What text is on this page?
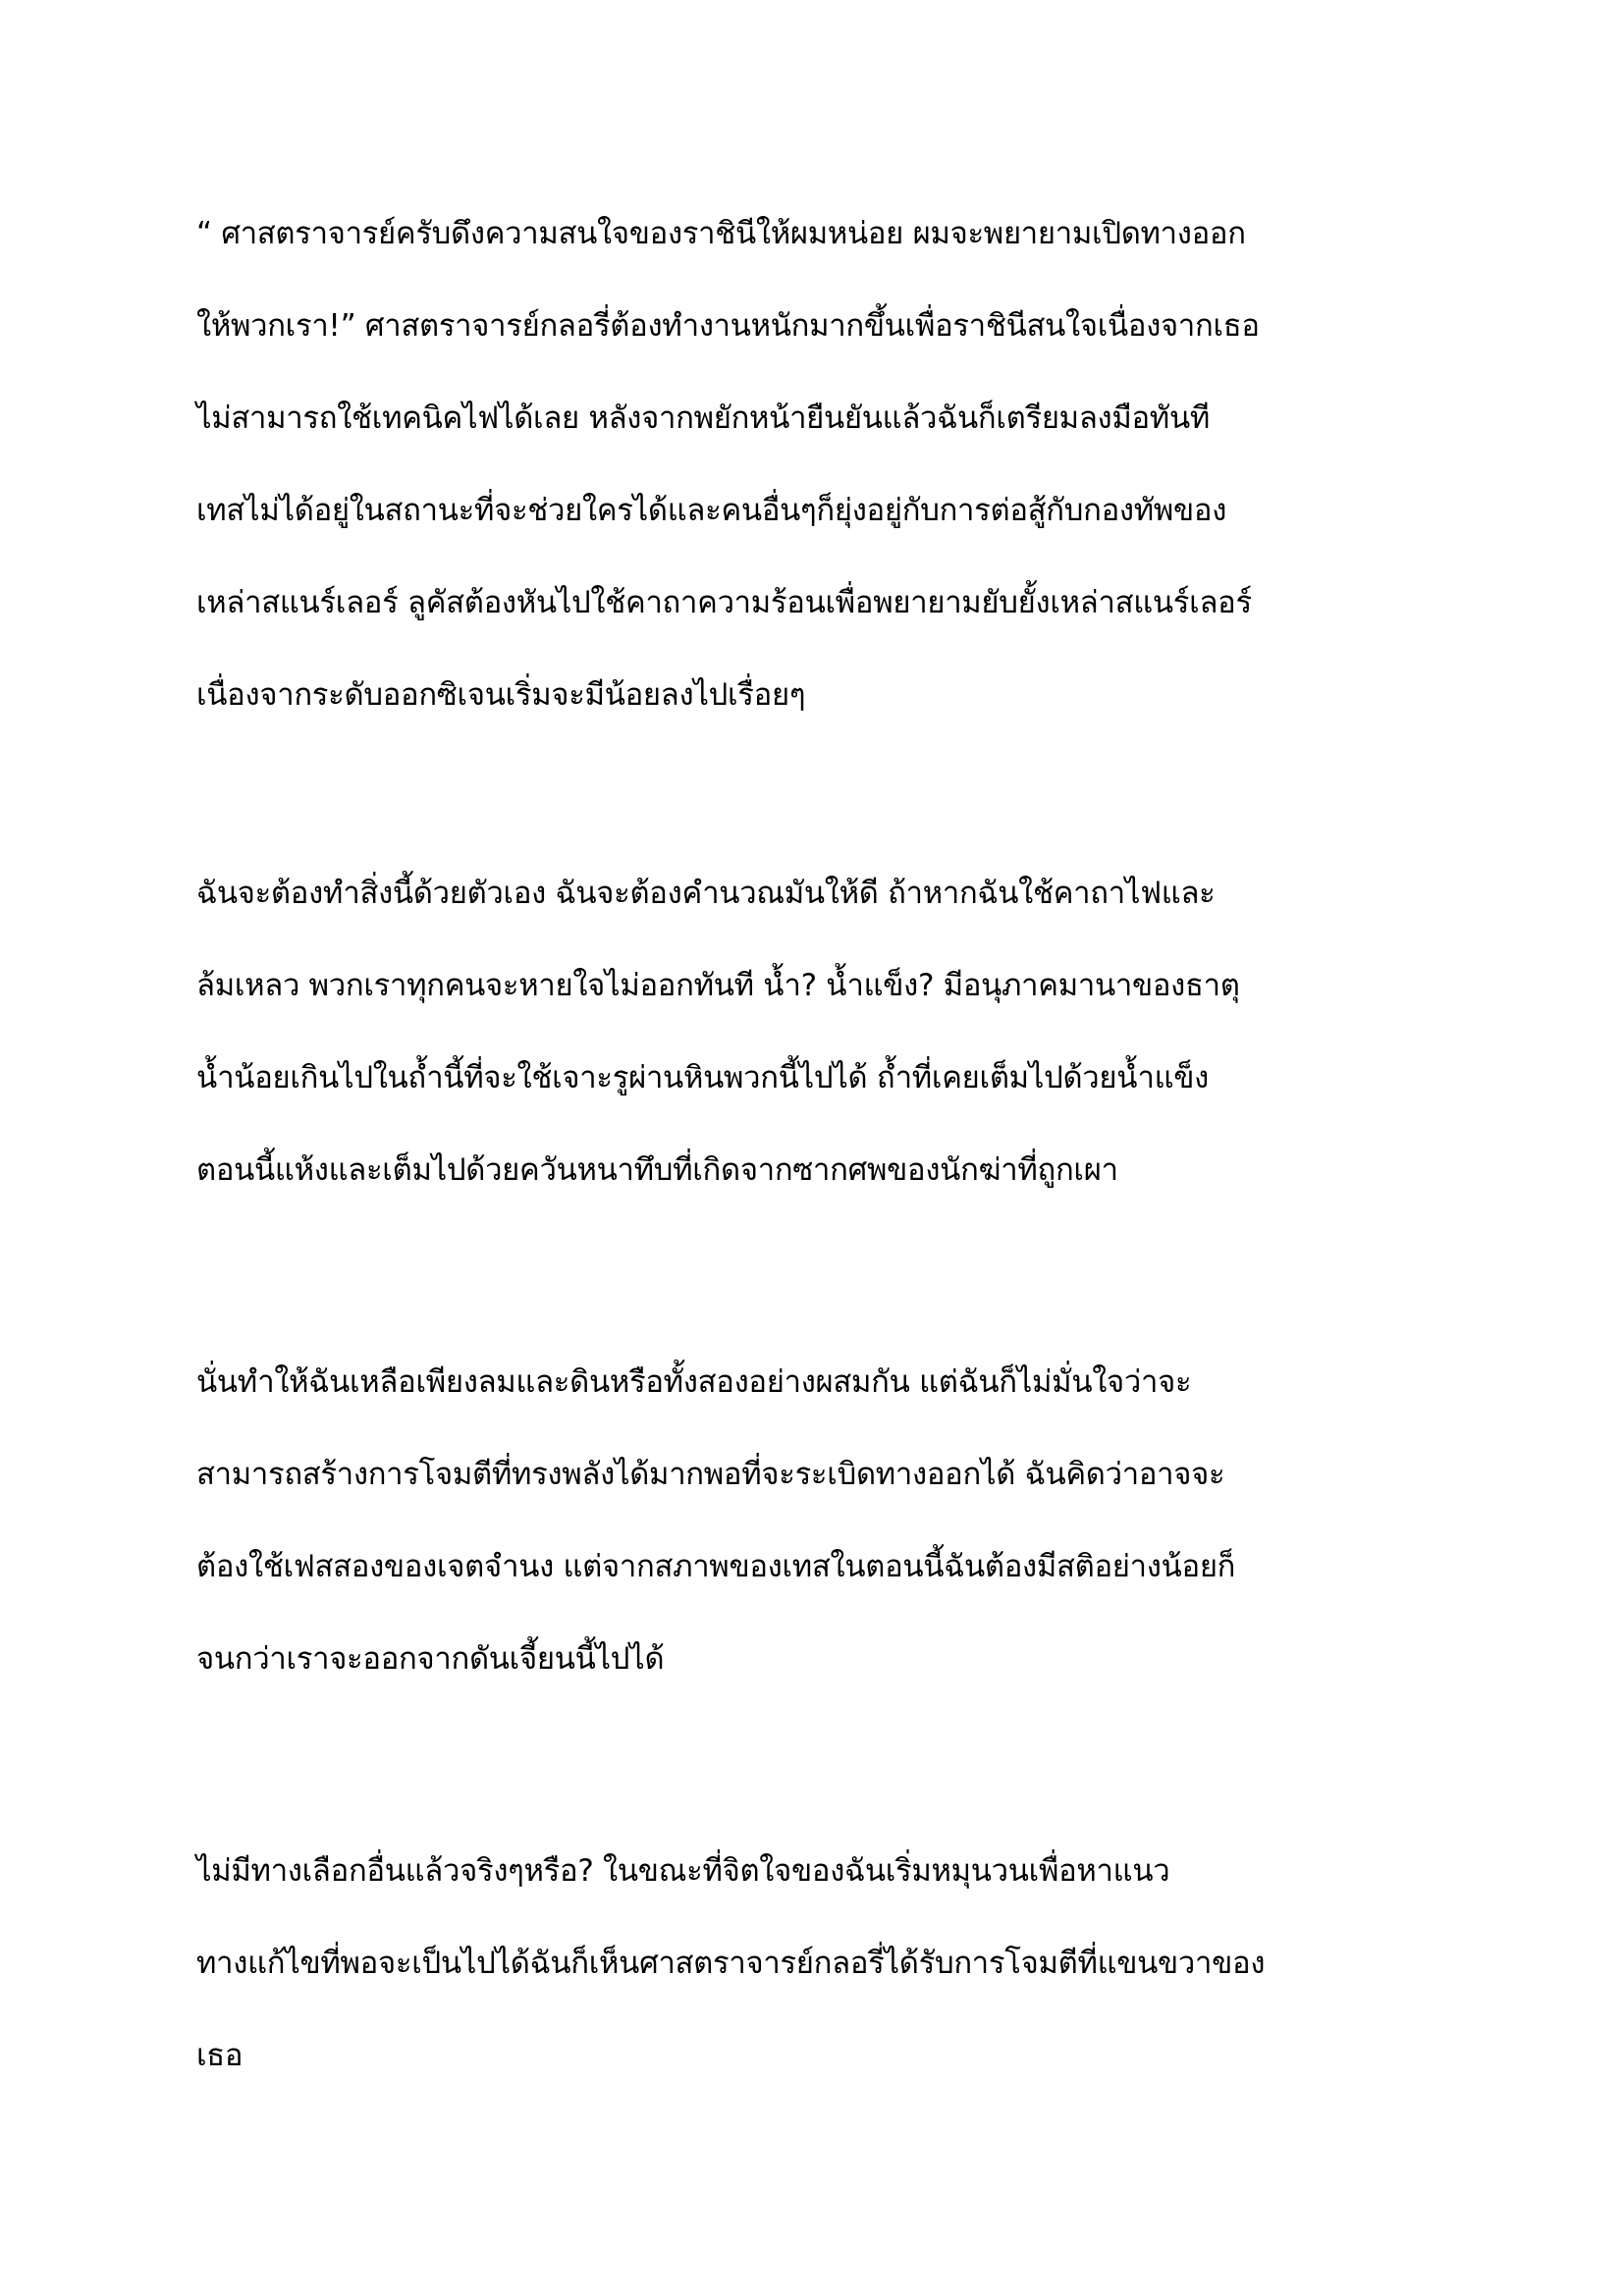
“ ศาสตราจารย์ครับดึงความสนใจของราชินีให้ผมหน่อย ผมจะพยายามเปิดทางออก
ให้พวกเรา!” ศาสตราจารย์กลอรี่ต้องทำงานหนักมากขึ้นเพื่อราชินีสนใจเนื่องจากเธอ
ไม่สามารถใช้เทคนิคไฟได้เลย หลังจากพยักหน้ายืนยันแล้วฉันก็เตรียมลงมือทันที
เทสไม่ได้อยู่ในสถานะที่จะช่วยใครได้และคนอื่นๆก็ยุ่งอยู่กับการต่อสู้กับกองทัพของ
เหล่าสแนร์เลอร์ ลูคัสต้องหันไปใช้คาถาความร้อนเพื่อพยายามยับยั้งเหล่าสแนร์เลอร์
เนื่องจากระดับออกซิเจนเริ่มจะมีน้อยลงไปเรื่อยๆ
ฉันจะต้องทำสิ่งนี้ด้วยตัวเอง ฉันจะต้องคำนวณมันให้ดี ถ้าหากฉันใช้คาถาไฟและ
ล้มเหลว พวกเราทุกคนจะหายใจไม่ออกทันที น้ำ? น้ำแข็ง? มีอนุภาคมานาของธาตุ
น้ำน้อยเกินไปในถ้ำนี้ที่จะใช้เจาะรูผ่านหินพวกนี้ไปได้ ถ้ำที่เคยเต็มไปด้วยน้ำแข็ง
ตอนนี้แห้งและเต็มไปด้วยควันหนาทึบที่เกิดจากซากศพของนักฆ่าที่ถูกเผา
นั่นทำให้ฉันเหลือเพียงลมและดินหรือทั้งสองอย่างผสมกัน แต่ฉันก็ไม่มั่นใจว่าจะ
สามารถสร้างการโจมตีที่ทรงพลังได้มากพอที่จะระเบิดทางออกได้ ฉันคิดว่าอาจจะ
ต้องใช้เฟสสองของเจตจำนง แต่จากสภาพของเทสในตอนนี้ฉันต้องมีสติอย่างน้อยก็
จนกว่าเราจะออกจากดันเจี้ยนนี้ไปได้
ไม่มีทางเลือกอื่นแล้วจริงๆหรือ? ในขณะที่จิตใจของฉันเริ่มหมุนวนเพื่อหาแนว
ทางแก้ไขที่พอจะเป็นไปได้ฉันก็เห็นศาสตราจารย์กลอรี่ได้รับการโจมตีที่แขนขวาของ
เธอ
